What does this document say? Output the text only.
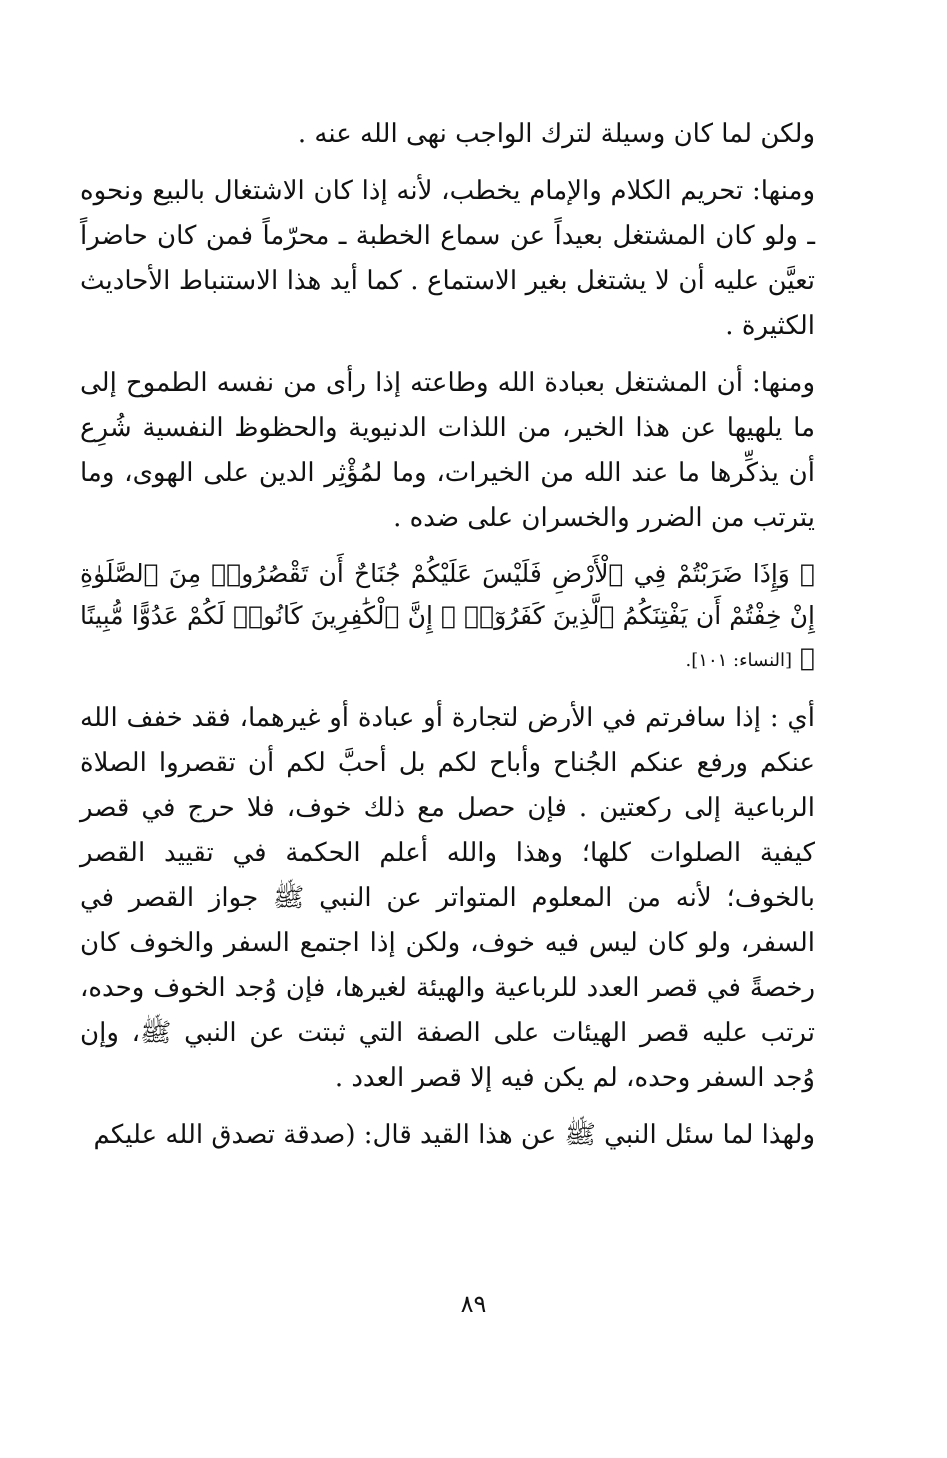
ولكن لما كان وسيلة لترك الواجب نهى الله عنه .

ومنها: تحريم الكلام والإمام يخطب، لأنه إذا كان الاشتغال بالبيع ونحوه ـ ولو كان المشتغل بعيداً عن سماع الخطبة ـ محرّماً فمن كان حاضراً تعيَّن عليه أن لا يشتغل بغير الاستماع . كما أيد هذا الاستنباط الأحاديث الكثيرة .

ومنها: أن المشتغل بعبادة الله وطاعته إذا رأى من نفسه الطموح إلى ما يلهيها عن هذا الخير، من اللذات الدنيوية والحظوظ النفسية شُرِع أن يذكِّرها ما عند الله من الخيرات، وما لمُؤْثِر الدين على الهوى، وما يترتب من الضرر والخسران على ضده .

﴿ وَإِذَا ضَرَبْتُمْ فِي ٱلْأَرْضِ فَلَيْسَ عَلَيْكُمْ جُنَاحٌ أَن تَقْصُرُوا۟ مِنَ ٱلصَّلَوٰةِ إِنْ خِفْتُمْ أَن يَفْتِنَكُمُ ٱلَّذِينَ كَفَرُوٓا۟ ۚ إِنَّ ٱلْكَٰفِرِينَ كَانُوا۟ لَكُمْ عَدُوًّا مُّبِينًا ﴾ [النساء: ١٠١].

أي : إذا سافرتم في الأرض لتجارة أو عبادة أو غيرهما، فقد خفف الله عنكم ورفع عنكم الجُناح وأباح لكم بل أحبَّ لكم أن تقصروا الصلاة الرباعية إلى ركعتين . فإن حصل مع ذلك خوف، فلا حرج في قصر كيفية الصلوات كلها؛ وهذا والله أعلم الحكمة في تقييد القصر بالخوف؛ لأنه من المعلوم المتواتر عن النبي ﷺ جواز القصر في السفر، ولو كان ليس فيه خوف، ولكن إذا اجتمع السفر والخوف كان رخصةً في قصر العدد للرباعية والهيئة لغيرها، فإن وُجد الخوف وحده، ترتب عليه قصر الهيئات على الصفة التي ثبتت عن النبي ﷺ، وإن وُجد السفر وحده، لم يكن فيه إلا قصر العدد .

ولهذا لما سئل النبي ﷺ عن هذا القيد قال: (صدقة تصدق الله عليكم

٨٩
